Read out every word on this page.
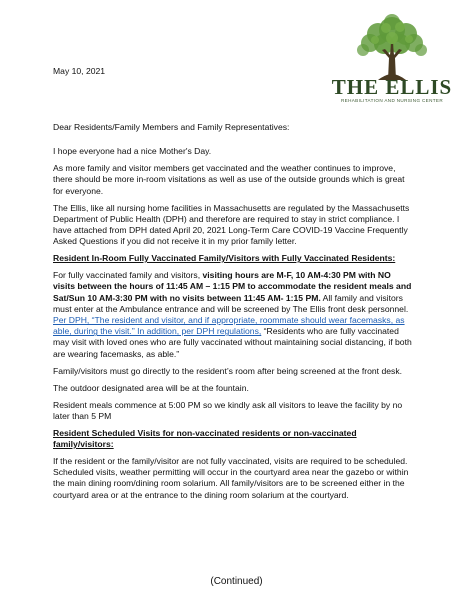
May 10, 2021
THE ELLIS
REHABILITATION AND NURSING CENTER

Dear Residents/Family Members and Family Representatives:

I hope everyone had a nice Mother's Day.

As more family and visitor members get vaccinated and the weather continues to improve, there should be more in-room visitations as well as use of the outside grounds which is great for everyone.

The Ellis, like all nursing home facilities in Massachusetts are regulated by the Massachusetts Department of Public Health (DPH) and therefore are required to stay in strict compliance. I have attached from DPH dated April 20, 2021 Long-Term Care COVID-19 Vaccine Frequently Asked Questions if you did not receive it in my prior family letter.

Resident In-Room Fully Vaccinated Family/Visitors with Fully Vaccinated Residents:

For fully vaccinated family and visitors, visiting hours are M-F, 10 AM-4:30 PM with NO visits between the hours of 11:45 AM – 1:15 PM to accommodate the resident meals and Sat/Sun 10 AM-3:30 PM with no visits between 11:45 AM- 1:15 PM. All family and visitors must enter at the Ambulance entrance and will be screened by The Ellis front desk personnel. Per DPH, “The resident and visitor, and if appropriate, roommate should wear facemasks, as able, during the visit.” In addition, per DPH regulations, “Residents who are fully vaccinated may visit with loved ones who are fully vaccinated without maintaining social distancing, if both are wearing facemasks, as able.”

Family/visitors must go directly to the resident’s room after being screened at the front desk.

The outdoor designated area will be at the fountain.

Resident meals commence at 5:00 PM so we kindly ask all visitors to leave the facility by no later than 5 PM

Resident Scheduled Visits for non-vaccinated residents or non-vaccinated family/visitors:

If the resident or the family/visitor are not fully vaccinated, visits are required to be scheduled. Scheduled visits, weather permitting will occur in the courtyard area near the gazebo or within the main dining room/dining room solarium. All family/visitors are to be screened either in the courtyard area or at the entrance to the dining room solarium at the courtyard.

(Continued)
